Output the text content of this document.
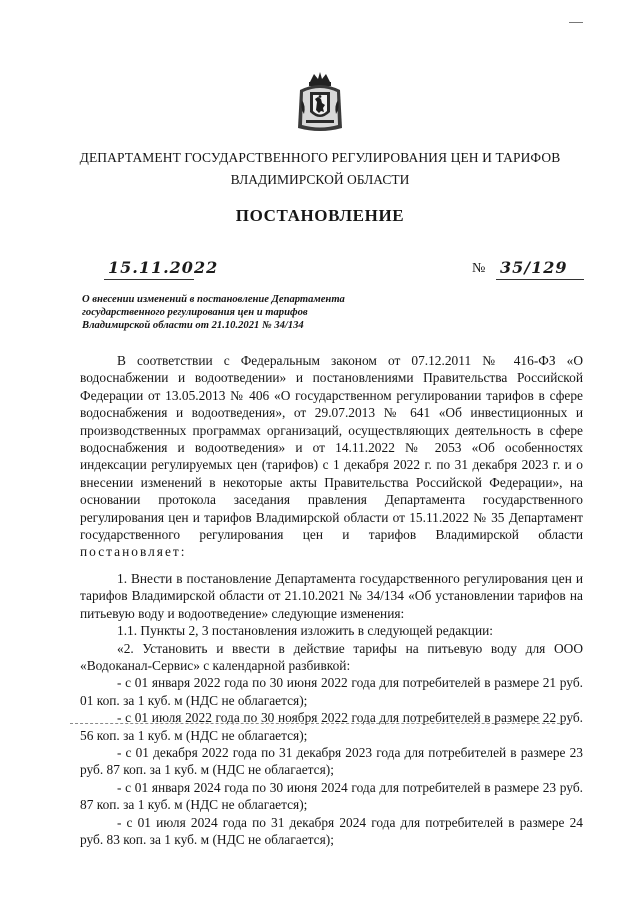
ДЕПАРТАМЕНТ ГОСУДАРСТВЕННОГО РЕГУЛИРОВАНИЯ ЦЕН И ТАРИФОВ
ВЛАДИМИРСКОЙ ОБЛАСТИ
ПОСТАНОВЛЕНИЕ
15.11.2022	№ 35/129
О внесении изменений в постановление Департамента
государственного регулирования цен и тарифов
Владимирской области от 21.10.2021 № 34/134

В соответствии с Федеральным законом от 07.12.2011 № 416-ФЗ «О водоснабжении и водоотведении» и постановлениями Правительства Российской Федерации от 13.05.2013 № 406 «О государственном регулировании тарифов в сфере водоснабжения и водоотведения», от 29.07.2013 № 641 «Об инвестиционных и производственных программах организаций, осуществляющих деятельность в сфере водоснабжения и водоотведения» и от 14.11.2022 № 2053 «Об особенностях индексации регулируемых цен (тарифов) с 1 декабря 2022 г. по 31 декабря 2023 г. и о внесении изменений в некоторые акты Правительства Российской Федерации», на основании протокола заседания правления Департамента государственного регулирования цен и тарифов Владимирской области от 15.11.2022 № 35 Департамент государственного регулирования цен и тарифов Владимирской области постановляет:

1. Внести в постановление Департамента государственного регулирования цен и тарифов Владимирской области от 21.10.2021 № 34/134 «Об установлении тарифов на питьевую воду и водоотведение» следующие изменения:

1.1. Пункты 2, 3 постановления изложить в следующей редакции:

«2. Установить и ввести в действие тарифы на питьевую воду для ООО «Водоканал-Сервис» с календарной разбивкой:

- с 01 января 2022 года по 30 июня 2022 года для потребителей в размере 21 руб. 01 коп. за 1 куб. м (НДС не облагается);

- с 01 июля 2022 года по 30 ноября 2022 года для потребителей в размере 22 руб. 56 коп. за 1 куб. м (НДС не облагается);

- с 01 декабря 2022 года по 31 декабря 2023 года для потребителей в размере 23 руб. 87 коп. за 1 куб. м (НДС не облагается);

- с 01 января 2024 года по 30 июня 2024 года для потребителей в размере 23 руб. 87 коп. за 1 куб. м (НДС не облагается);

- с 01 июля 2024 года по 31 декабря 2024 года для потребителей в размере 24 руб. 83 коп. за 1 куб. м (НДС не облагается);
